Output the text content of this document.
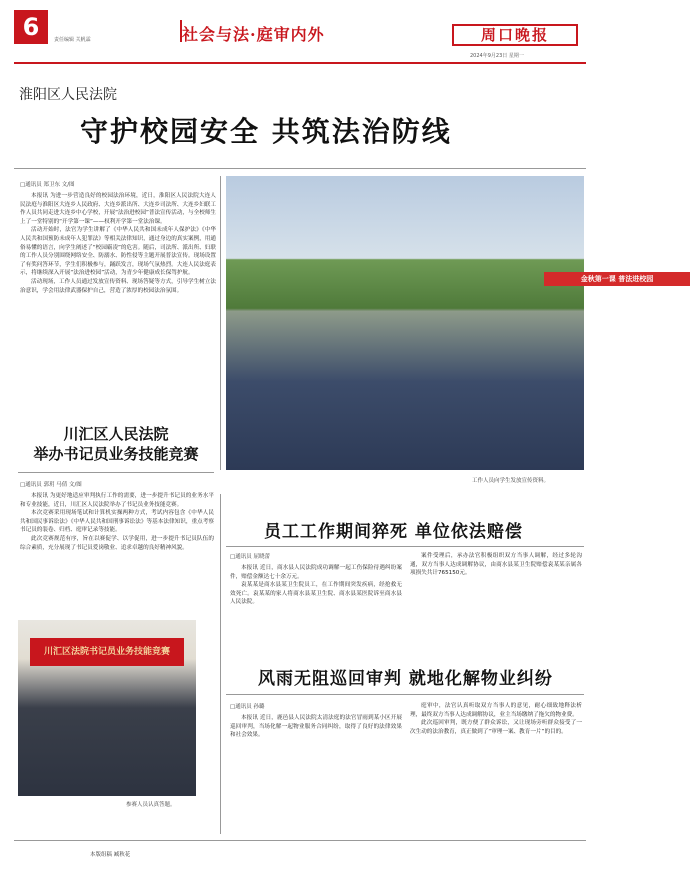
6	责任编辑 关帆霖	社会与法·庭审内外	周口晚报
2024年9月23日 星期一
淮阳区人民法院
守护校园安全 共筑法治防线
□通讯员 郑卫东 文/图

本报讯 为进一步营造良好的校园法治环境，近日，淮阳区人民法院大连人民法庭与淮阳区大连乡人民政府、大连乡派出所、大连乡司法所、大连乡妇联工作人员共同走进大连乡中心学校，开展“法治进校园”普法宣传活动，与全校师生上了一堂特别的“开学第一课”——权利开学第一堂法治课。

活动开始时，法官为学生讲解了《中华人民共和国未成年人保护法》《中华人民共和国预防未成年人犯罪法》等相关法律知识，通过身边的真实案例，用通俗易懂的语言，向学生阐述了“校园霸凌”的危害。随后，司法所、派出所、妇联的工作人员分别围绕网络安全、防溺水、防性侵等主题开展普法宣传。现场设置了有奖问答环节，学生们积极参与，踊跃发言，现场气氛热烈。大连人民法庭表示，将继续深入开展“法治进校园”活动，为青少年健康成长保驾护航。

活动现场，工作人员通过发放宣传资料、现场答疑等方式，引导学生树立法治意识，学会用法律武器保护自己，营造了浓厚的校园法治氛围。

金秋第一课 普法进校园
工作人员向学生发放宣传资料。
川汇区人民法院
举办书记员业务技能竞赛
□通讯员 郭玥 马倩 文/图

本报讯 为更好地适应审判执行工作的需要，进一步提升书记员的业务水平和专业技能，近日，川汇区人民法院举办了书记员业务技能竞赛。

本次竞赛采用现场笔试和计算机实操两种方式，考试内容包含《中华人民共和国民事诉讼法》《中华人民共和国刑事诉讼法》等基本法律知识，重点考察书记员的装卷、归档、庭审记录等技能。

此次竞赛规范有序，旨在以赛促学、以学促用，进一步提升书记员队伍的综合素质，充分展现了书记员爱岗敬业、追求卓越的良好精神风貌。

川汇区法院书记员业务技能竞赛
参赛人员认真答题。
员工工作期间猝死 单位依法赔偿
□通讯员 屈晓蕾

本报讯 近日，商水县人民法院成功调解一起工伤保险待遇纠纷案件，赔偿金额达七十余万元。

袁某某是商水县某卫生院员工，在工作期间突发疾病，经抢救无效死亡。袁某某的家人将商水县某卫生院、商水县某医院诉至商水县人民法院。

案件受理后，承办法官积极组织双方当事人调解，经过多轮沟通，双方当事人达成调解协议，由商水县某卫生院赔偿袁某某亲属各项损失共计765150元。

风雨无阻巡回审判 就地化解物业纠纷
□通讯员 孙璐

本报讯 近日，鹿邑县人民法院太清法庭的法官冒雨到某小区开展巡回审判，当场化解一起物业服务合同纠纷，取得了良好的法律效果和社会效果。

庭审中，法官认真听取双方当事人的意见，耐心细致地释法析理，最终双方当事人达成调解协议，业主当场缴纳了拖欠的物业费。

此次巡回审判，既方便了群众诉讼，又让现场旁听群众接受了一次生动的法治教育，真正做到了“审理一案、教育一片”的目的。

本版组稿 臧秋花
